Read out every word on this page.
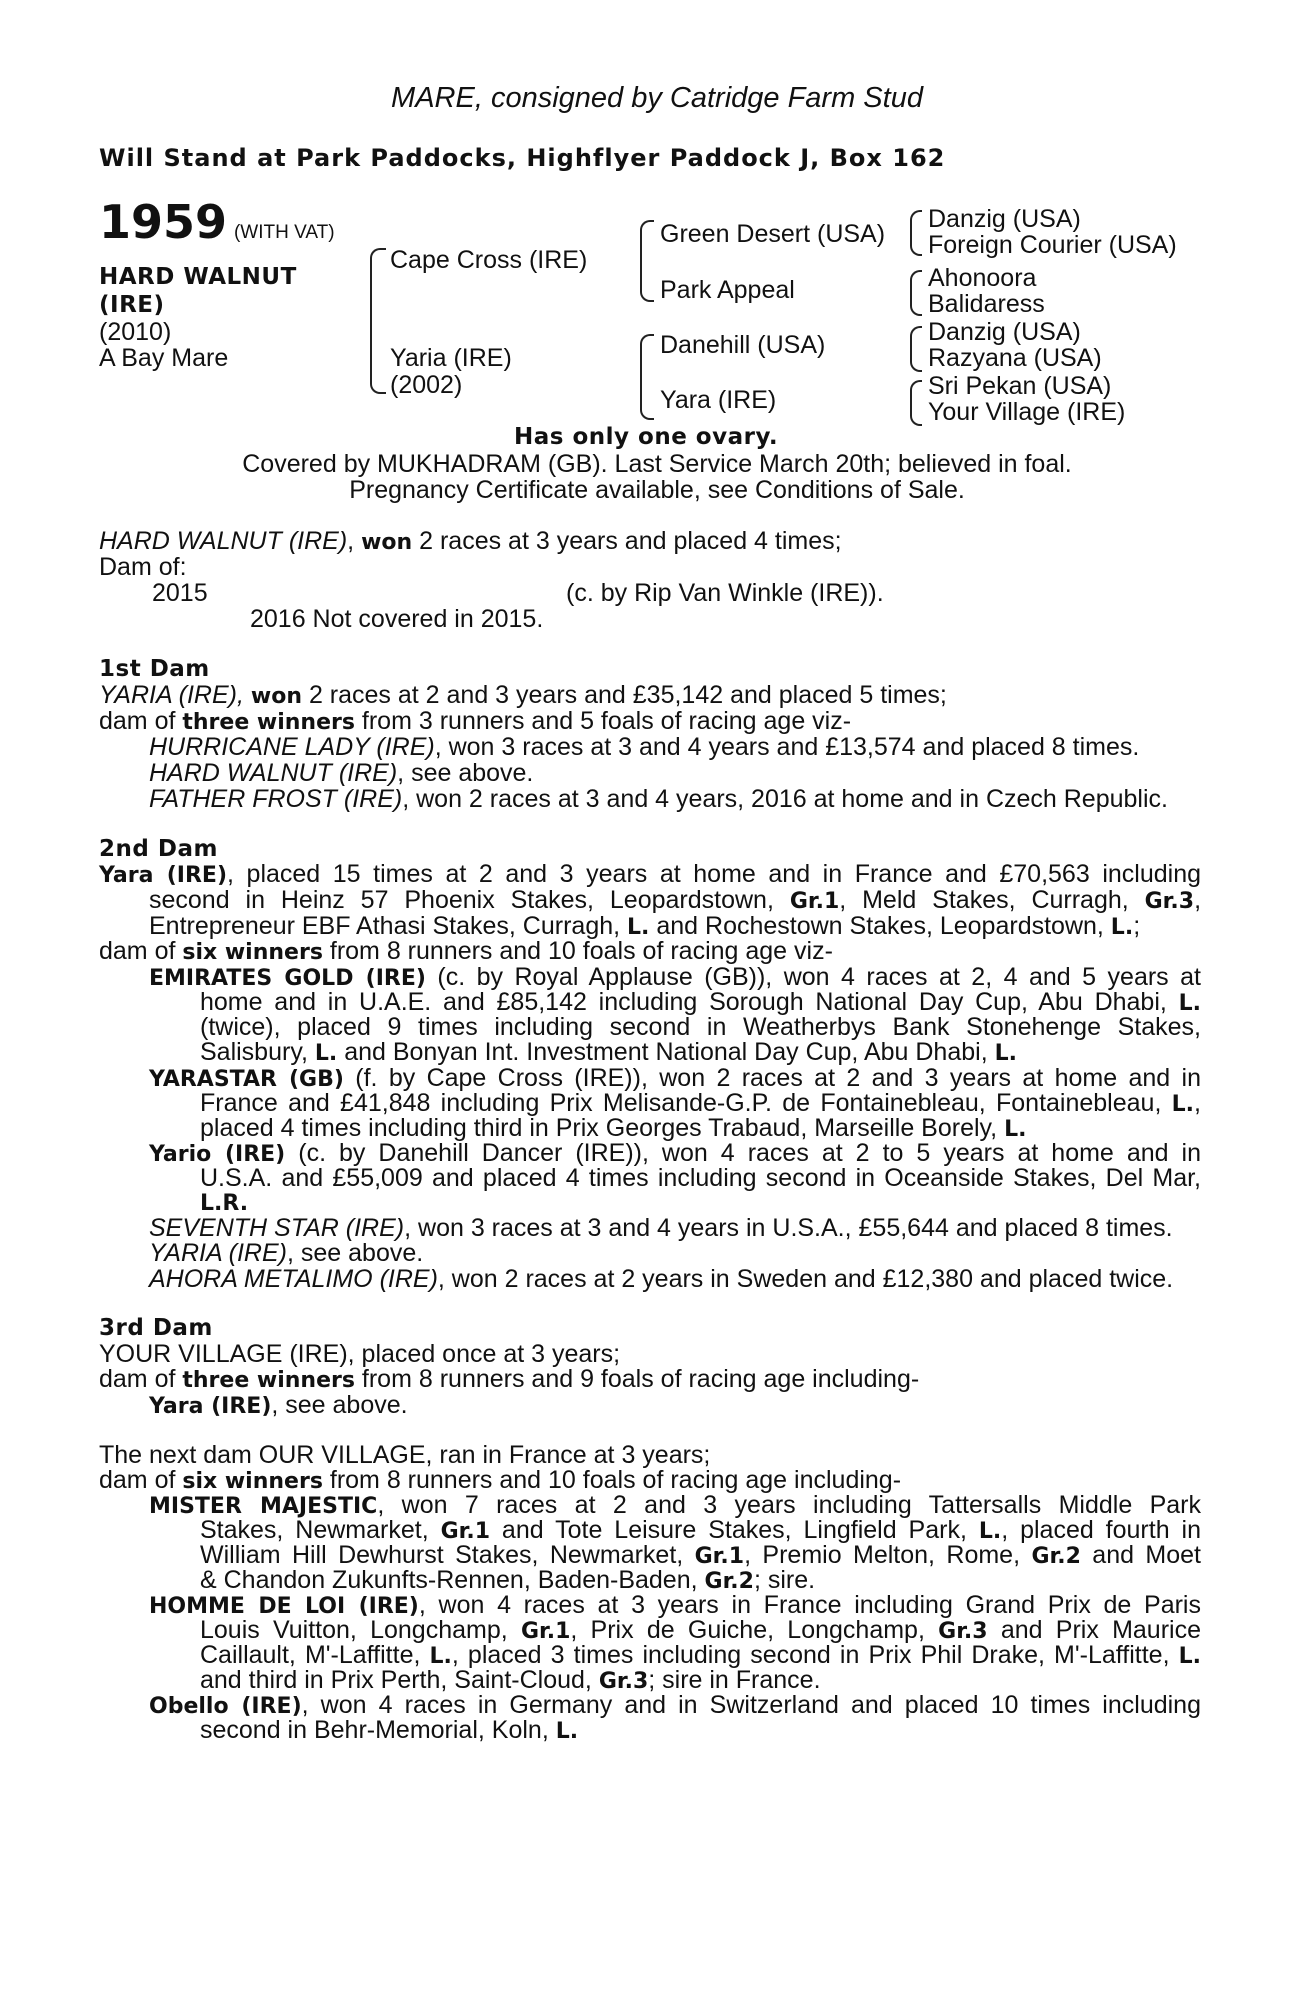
MARE, consigned by Catridge Farm Stud
Will Stand at Park Paddocks, Highflyer Paddock J, Box 162
1959 (WITH VAT)
HARD WALNUT
(IRE)
(2010)
A Bay Mare
Cape Cross (IRE)
Yaria (IRE)
(2002)
Green Desert (USA)
Park Appeal
Danehill (USA)
Yara (IRE)
Danzig (USA)
Foreign Courier (USA)
Ahonoora
Balidaress
Danzig (USA)
Razyana (USA)
Sri Pekan (USA)
Your Village (IRE)
Has only one ovary.
Covered by MUKHADRAM (GB). Last Service March 20th; believed in foal.
Pregnancy Certificate available, see Conditions of Sale.
HARD WALNUT (IRE), won 2 races at 3 years and placed 4 times;
Dam of:
2015	(c. by Rip Van Winkle (IRE)).
2016 Not covered in 2015.
1st Dam
YARIA (IRE), won 2 races at 2 and 3 years and £35,142 and placed 5 times;
dam of three winners from 3 runners and 5 foals of racing age viz-
HURRICANE LADY (IRE), won 3 races at 3 and 4 years and £13,574 and placed 8 times.
HARD WALNUT (IRE), see above.
FATHER FROST (IRE), won 2 races at 3 and 4 years, 2016 at home and in Czech Republic.
2nd Dam
Yara (IRE), placed 15 times at 2 and 3 years at home and in France and £70,563 including
second in Heinz 57 Phoenix Stakes, Leopardstown, Gr.1, Meld Stakes, Curragh, Gr.3,
Entrepreneur EBF Athasi Stakes, Curragh, L. and Rochestown Stakes, Leopardstown, L.;
dam of six winners from 8 runners and 10 foals of racing age viz-
EMIRATES GOLD (IRE) (c. by Royal Applause (GB)), won 4 races at 2, 4 and 5 years at
home and in U.A.E. and £85,142 including Sorough National Day Cup, Abu Dhabi, L.
(twice), placed 9 times including second in Weatherbys Bank Stonehenge Stakes,
Salisbury, L. and Bonyan Int. Investment National Day Cup, Abu Dhabi, L.
YARASTAR (GB) (f. by Cape Cross (IRE)), won 2 races at 2 and 3 years at home and in
France and £41,848 including Prix Melisande-G.P. de Fontainebleau, Fontainebleau, L.,
placed 4 times including third in Prix Georges Trabaud, Marseille Borely, L.
Yario (IRE) (c. by Danehill Dancer (IRE)), won 4 races at 2 to 5 years at home and in
U.S.A. and £55,009 and placed 4 times including second in Oceanside Stakes, Del Mar,
L.R.
SEVENTH STAR (IRE), won 3 races at 3 and 4 years in U.S.A., £55,644 and placed 8 times.
YARIA (IRE), see above.
AHORA METALIMO (IRE), won 2 races at 2 years in Sweden and £12,380 and placed twice.
3rd Dam
YOUR VILLAGE (IRE), placed once at 3 years;
dam of three winners from 8 runners and 9 foals of racing age including-
Yara (IRE), see above.
The next dam OUR VILLAGE, ran in France at 3 years;
dam of six winners from 8 runners and 10 foals of racing age including-
MISTER MAJESTIC, won 7 races at 2 and 3 years including Tattersalls Middle Park
Stakes, Newmarket, Gr.1 and Tote Leisure Stakes, Lingfield Park, L., placed fourth in
William Hill Dewhurst Stakes, Newmarket, Gr.1, Premio Melton, Rome, Gr.2 and Moet
& Chandon Zukunfts-Rennen, Baden-Baden, Gr.2; sire.
HOMME DE LOI (IRE), won 4 races at 3 years in France including Grand Prix de Paris
Louis Vuitton, Longchamp, Gr.1, Prix de Guiche, Longchamp, Gr.3 and Prix Maurice
Caillault, M'-Laffitte, L., placed 3 times including second in Prix Phil Drake, M'-Laffitte, L.
and third in Prix Perth, Saint-Cloud, Gr.3; sire in France.
Obello (IRE), won 4 races in Germany and in Switzerland and placed 10 times including
second in Behr-Memorial, Koln, L.
